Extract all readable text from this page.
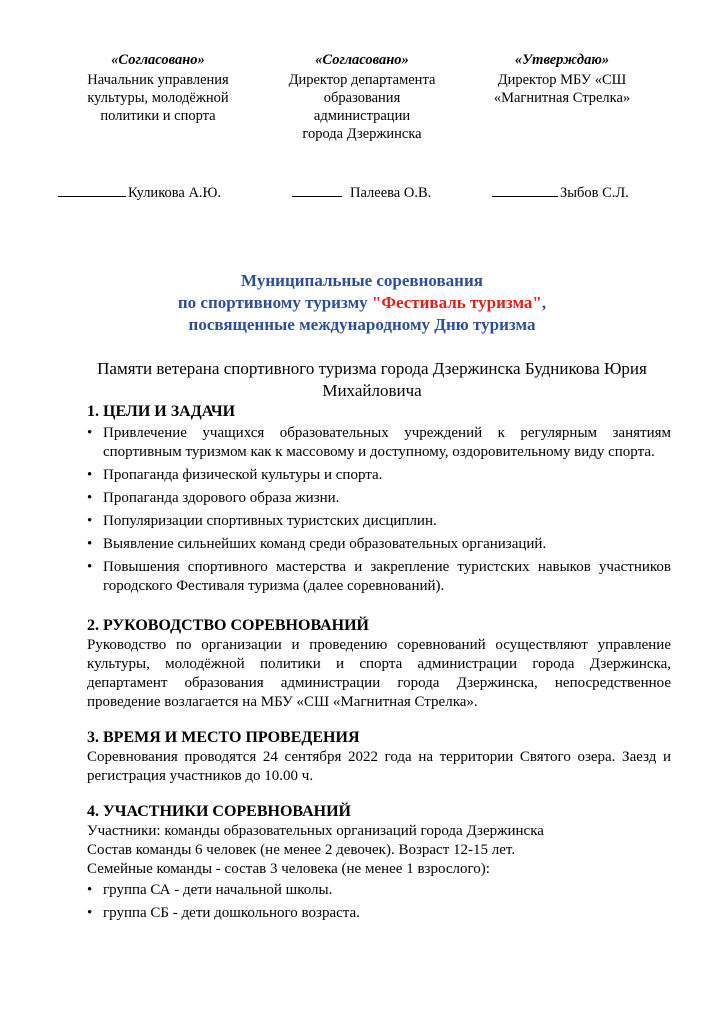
«Согласовано»
Начальник управления
культуры, молодёжной
политики и спорта
«Согласовано»
Директор департамента
образования
администрации
города Дзержинска
«Утверждаю»
Директор МБУ «СШ
«Магнитная Стрелка»
Куликова А.Ю.	Палеева О.В.	Зыбов С.Л.
Муниципальные соревнования
по спортивному туризму "Фестиваль туризма",
посвященные международному Дню туризма
Памяти ветерана спортивного туризма города Дзержинска Будникова Юрия Михайловича
1. ЦЕЛИ И ЗАДАЧИ
• Привлечение учащихся образовательных учреждений к регулярным занятиям спортивным туризмом как к массовому и доступному, оздоровительному виду спорта.
• Пропаганда физической культуры и спорта.
• Пропаганда здорового образа жизни.
• Популяризации спортивных туристских дисциплин.
• Выявление сильнейших команд среди образовательных организаций.
• Повышения спортивного мастерства и закрепление туристских навыков участников городского Фестиваля туризма (далее соревнований).
2. РУКОВОДСТВО СОРЕВНОВАНИЙ

Руководство по организации и проведению соревнований осуществляют управление культуры, молодёжной политики и спорта администрации города Дзержинска, департамент образования администрации города Дзержинска, непосредственное проведение возлагается на МБУ «СШ «Магнитная Стрелка».

3. ВРЕМЯ И МЕСТО ПРОВЕДЕНИЯ

Соревнования проводятся 24 сентября 2022 года на территории Святого озера. Заезд и регистрация участников до 10.00 ч.

4. УЧАСТНИКИ СОРЕВНОВАНИЙ

Участники: команды образовательных организаций города Дзержинска

Состав команды 6 человек (не менее 2 девочек). Возраст 12-15 лет.

Семейные команды - состав 3 человека (не менее 1 взрослого):

• группа СА - дети начальной школы.
• группа СБ - дети дошкольного возраста.
